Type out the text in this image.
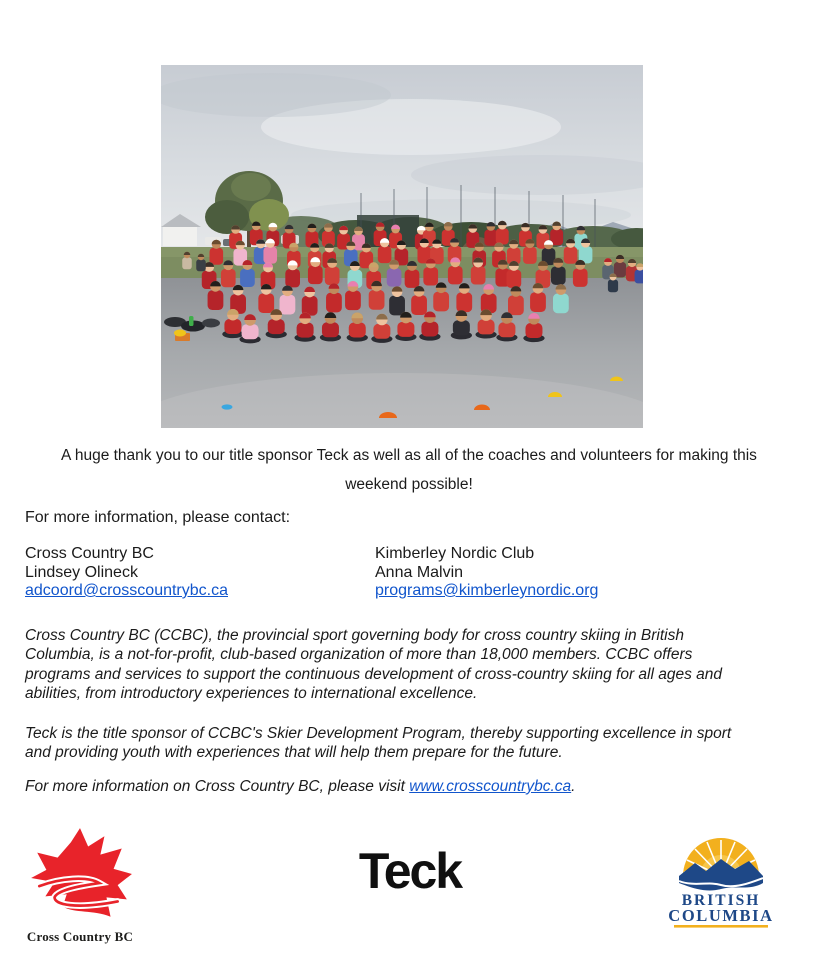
A huge thank you to our title sponsor Teck as well as all of the coaches and volunteers for making this weekend possible!

For more information, please contact:

Cross Country BC
Lindsey Olineck
adcoord@crosscountrybc.ca
Kimberley Nordic Club
Anna Malvin
programs@kimberleynordic.org

Cross Country BC (CCBC), the provincial sport governing body for cross country skiing in British Columbia, is a not-for-profit, club-based organization of more than 18,000 members. CCBC offers programs and services to support the continuous development of cross-country skiing for all ages and abilities, from introductory experiences to international excellence.

Teck is the title sponsor of CCBC's Skier Development Program, thereby supporting excellence in sport and providing youth with experiences that will help them prepare for the future.

For more information on Cross Country BC, please visit www.crosscountrybc.ca.

Cross Country BC
Teck
BRITISH
COLUMBIA
